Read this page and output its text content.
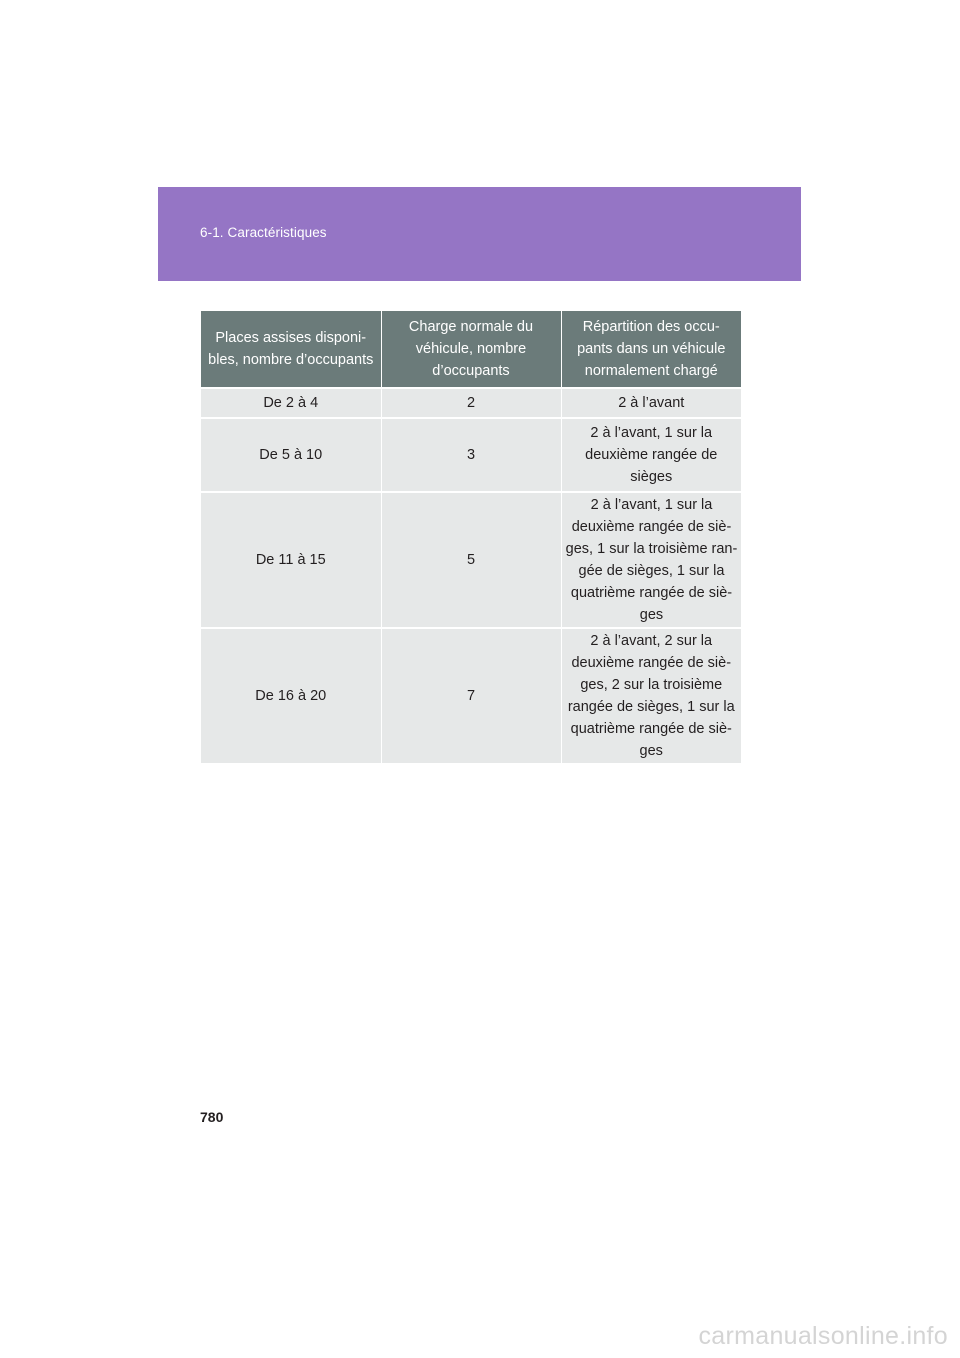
6-1. Caractéristiques
Places assises disponi-bles, nombre d’occupants	Charge normale du véhicule, nombre d’occupants	Répartition des occu-pants dans un véhicule normalement chargé

De 2 à 4	2	2 à l’avant

De 5 à 10	3	2 à l’avant, 1 sur la deuxième rangée de sièges

De 11 à 15	5	2 à l’avant, 1 sur la deuxième rangée de siè-ges, 1 sur la troisième ran-gée de sièges, 1 sur la quatrième rangée de siè-ges

De 16 à 20	7	2 à l’avant, 2 sur la deuxième rangée de siè-ges, 2 sur la troisième rangée de sièges, 1 sur la quatrième rangée de siè-ges
780
carmanualsonline.info
